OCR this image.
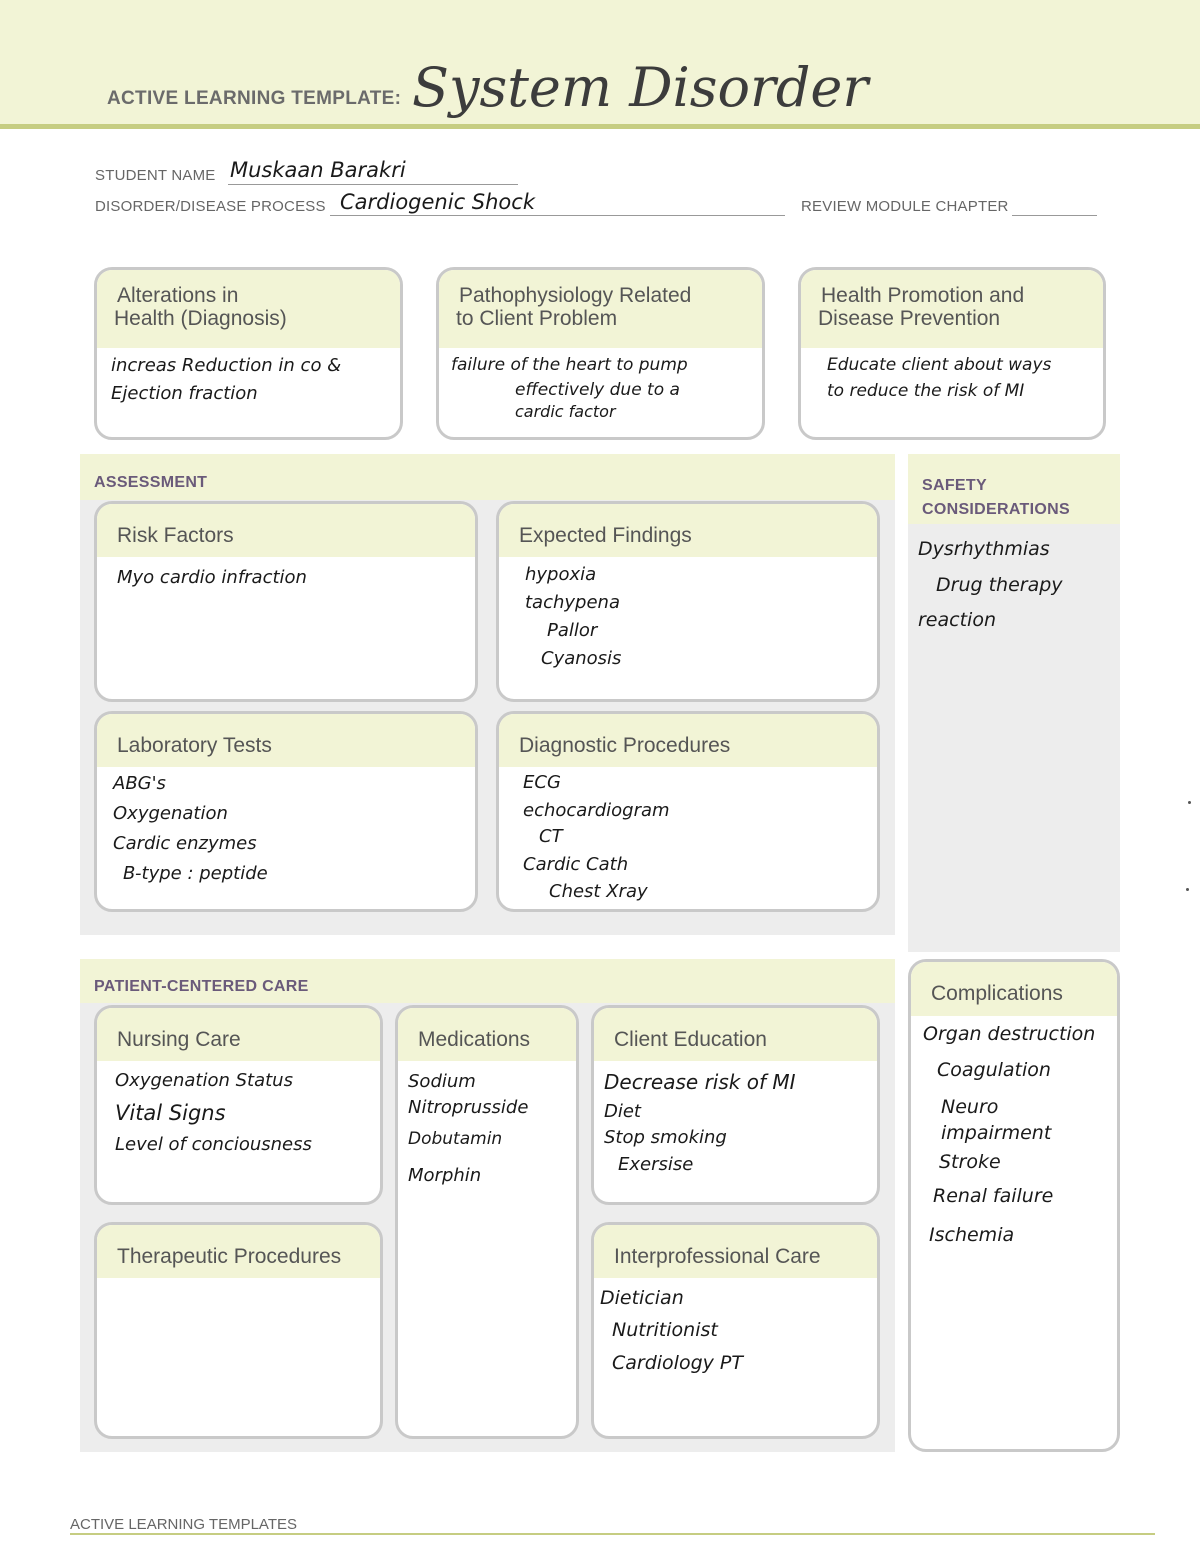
ACTIVE LEARNING TEMPLATE: System Disorder
STUDENT NAME Muskaan Barakri
DISORDER/DISEASE PROCESS Cardiogenic Shock	REVIEW MODULE CHAPTER
Alterations in
Health (Diagnosis)
increas Reduction in co &
Ejection fraction
Pathophysiology Related
to Client Problem
failure of the heart to pump
effectively due to a
cardic factor
Health Promotion and
Disease Prevention
Educate client about ways
to reduce the risk of MI
ASSESSMENT
Risk Factors
Myo cardio infraction
Expected Findings
hypoxia
tachypena
Pallor
Cyanosis
Laboratory Tests
ABG's
Oxygenation
Cardic enzymes
B-type : peptide
Diagnostic Procedures
ECG
echocardiogram
CT
Cardic Cath
Chest Xray
SAFETY
CONSIDERATIONS
Dysrhythmias
Drug therapy
reaction
PATIENT-CENTERED CARE
Nursing Care
Oxygenation Status
Vital Signs
Level of conciousness
Medications
Sodium
Nitroprusside
Dobutamin
Morphin
Client Education
Decrease risk of MI
Diet
Stop smoking
Exersise
Therapeutic Procedures	Interprofessional Care
Dietician
Nutritionist
Cardiology PT
Complications
Organ destruction
Coagulation
Neuro
impairment
Stroke
Renal failure
Ischemia
ACTIVE LEARNING TEMPLATES
